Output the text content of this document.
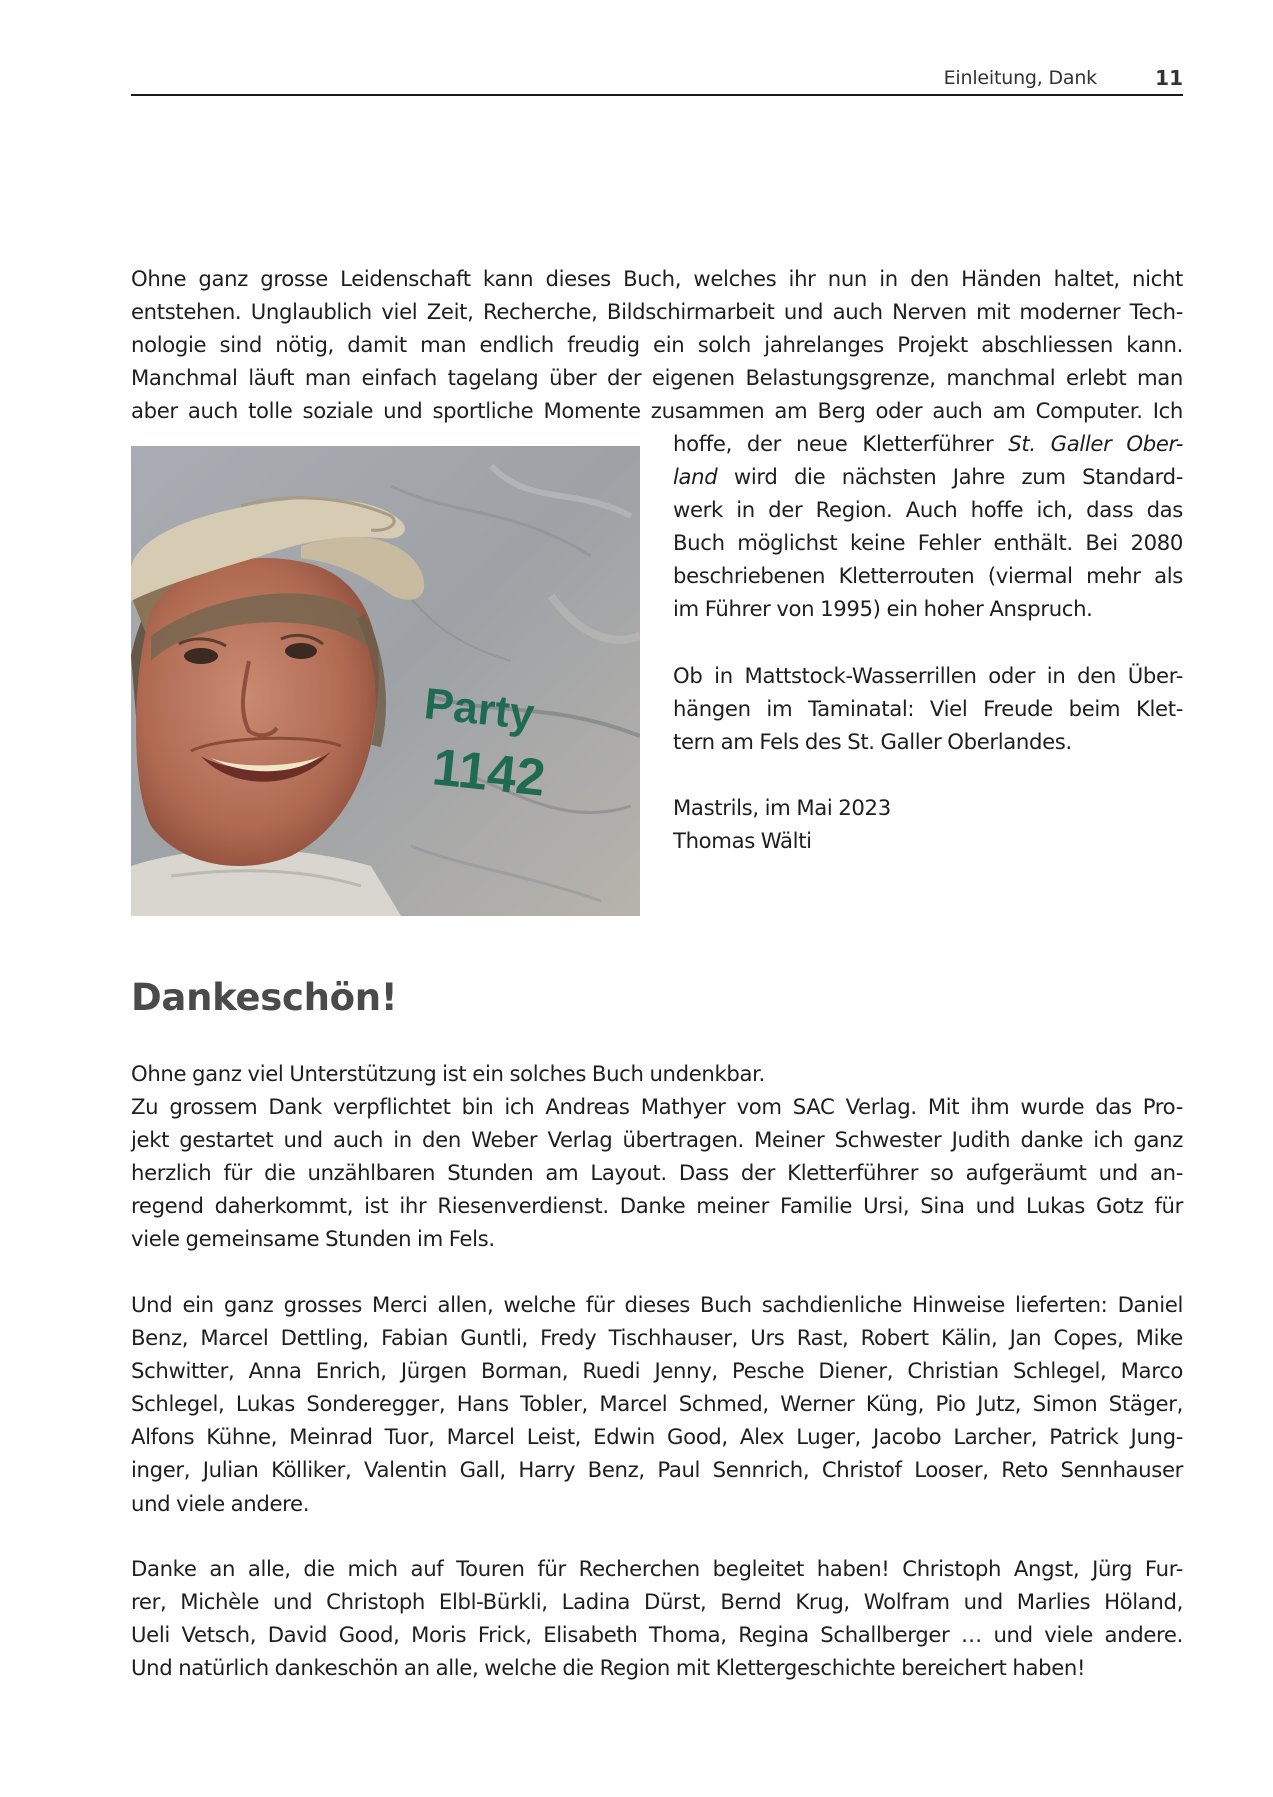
Einleitung, Dank	11
Ohne ganz grosse Leidenschaft kann dieses Buch, welches ihr nun in den Händen haltet, nicht
entstehen. Unglaublich viel Zeit, Recherche, Bildschirmarbeit und auch Nerven mit moderner Tech-
nologie sind nötig, damit man endlich freudig ein solch jahrelanges Projekt abschliessen kann.
Manchmal läuft man einfach tagelang über der eigenen Belastungsgrenze, manchmal erlebt man
aber auch tolle soziale und sportliche Momente zusammen am Berg oder auch am Computer. Ich
Party
1142
hoffe, der neue Kletterführer St. Galler Ober-
land wird die nächsten Jahre zum Standard-
werk in der Region. Auch hoffe ich, dass das
Buch möglichst keine Fehler enthält. Bei 2080
beschriebenen Kletterrouten (viermal mehr als
im Führer von 1995) ein hoher Anspruch.
Ob in Mattstock-Wasserrillen oder in den Über-
hängen im Taminatal: Viel Freude beim Klet-
tern am Fels des St. Galler Oberlandes.
Mastrils, im Mai 2023
Thomas Wälti
Dankeschön!
Ohne ganz viel Unterstützung ist ein solches Buch undenkbar.
Zu grossem Dank verpflichtet bin ich Andreas Mathyer vom SAC Verlag. Mit ihm wurde das Pro-
jekt gestartet und auch in den Weber Verlag übertragen. Meiner Schwester Judith danke ich ganz
herzlich für die unzählbaren Stunden am Layout. Dass der Kletterführer so aufgeräumt und an-
regend daherkommt, ist ihr Riesenverdienst. Danke meiner Familie Ursi, Sina und Lukas Gotz für
viele gemeinsame Stunden im Fels.
Und ein ganz grosses Merci allen, welche für dieses Buch sachdienliche Hinweise lieferten: Daniel
Benz, Marcel Dettling, Fabian Guntli, Fredy Tischhauser, Urs Rast, Robert Kälin, Jan Copes, Mike
Schwitter, Anna Enrich, Jürgen Borman, Ruedi Jenny, Pesche Diener, Christian Schlegel, Marco
Schlegel, Lukas Sonderegger, Hans Tobler, Marcel Schmed, Werner Küng, Pio Jutz, Simon Stäger,
Alfons Kühne, Meinrad Tuor, Marcel Leist, Edwin Good, Alex Luger, Jacobo Larcher, Patrick Jung-
inger, Julian Kölliker, Valentin Gall, Harry Benz, Paul Sennrich, Christof Looser, Reto Sennhauser
und viele andere.
Danke an alle, die mich auf Touren für Recherchen begleitet haben! Christoph Angst, Jürg Fur-
rer, Michèle und Christoph Elbl-Bürkli, Ladina Dürst, Bernd Krug, Wolfram und Marlies Höland,
Ueli Vetsch, David Good, Moris Frick, Elisabeth Thoma, Regina Schallberger … und viele andere.
Und natürlich dankeschön an alle, welche die Region mit Klettergeschichte bereichert haben!
